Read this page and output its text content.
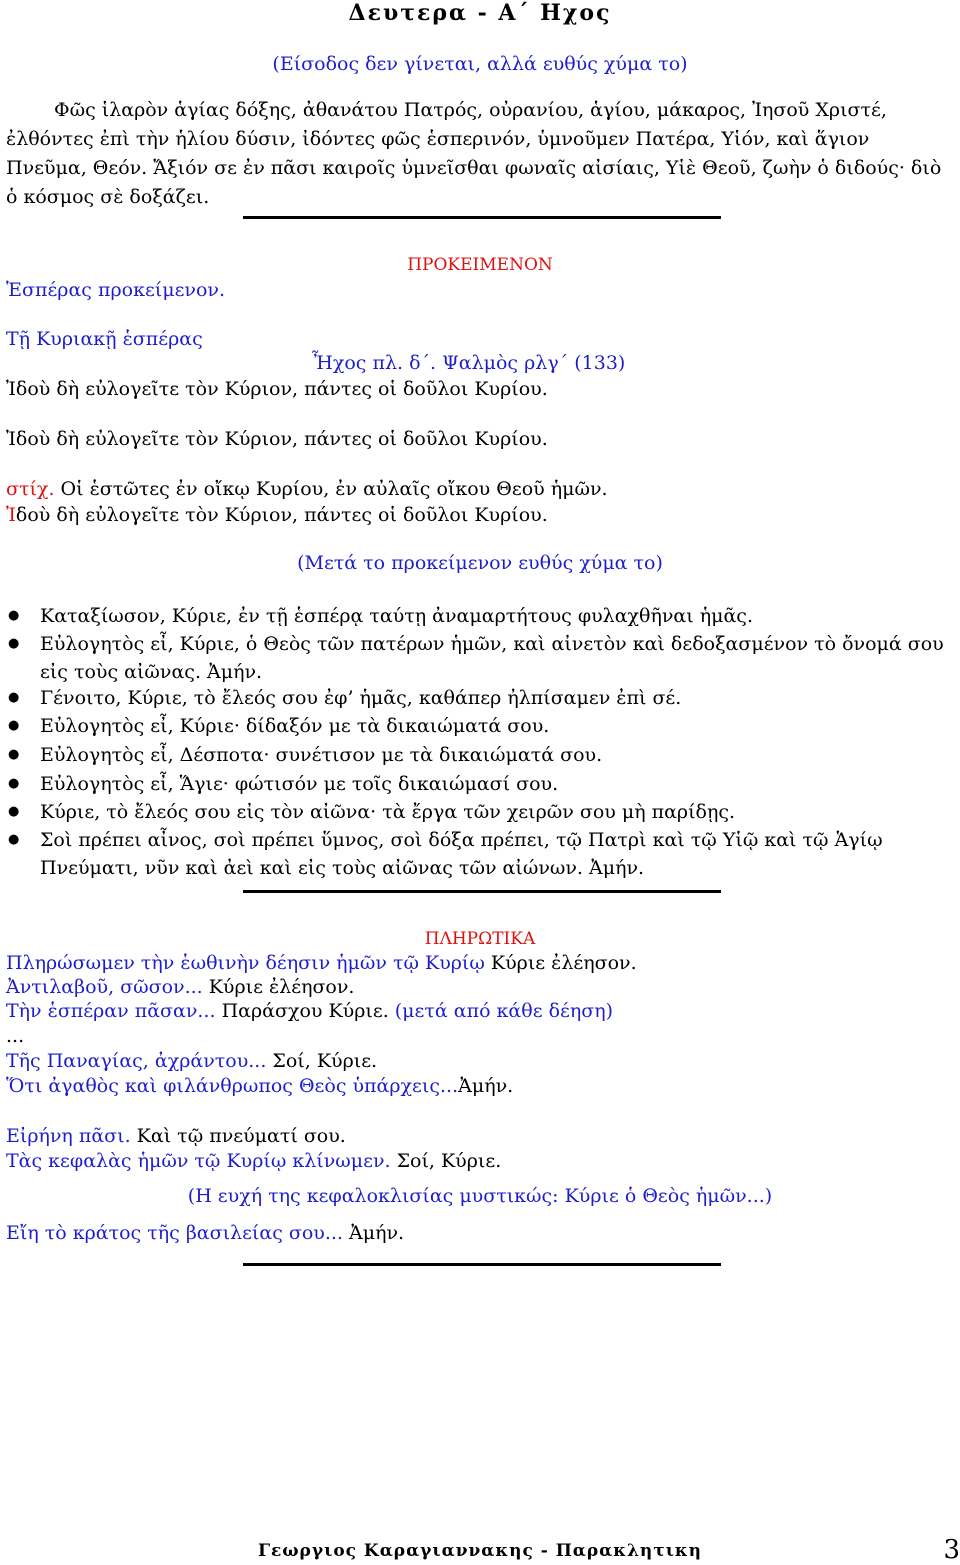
Δευτερα - Α΄ Ηχος
(Είσοδος δεν γίνεται, αλλά ευθύς χύμα το)
Φῶς ἱλαρὸν ἁγίας δόξης, ἀθανάτου Πατρός, οὐρανίου, ἁγίου, μάκαρος, Ἰησοῦ Χριστέ, ἐλθόντες ἐπὶ τὴν ἡλίου δύσιν, ἰδόντες φῶς ἑσπερινόν, ὑμνοῦμεν Πατέρα, Υἱόν, καὶ ἅγιον Πνεῦμα, Θεόν. Ἄξιόν σε ἐν πᾶσι καιροῖς ὑμνεῖσθαι φωναῖς αἰσίαις, Υἱὲ Θεοῦ, ζωὴν ὁ διδούς· διὸ ὁ κόσμος σὲ δοξάζει.
ΠΡΟΚΕΙΜΕΝΟΝ
Ἑσπέρας προκείμενον.
Τῇ Κυριακῇ ἑσπέρας
Ἦχος πλ. δ΄. Ψαλμὸς ρλγ΄ (133)
Ἰδοὺ δὴ εὐλογεῖτε τὸν Κύριον, πάντες οἱ δοῦλοι Κυρίου.
Ἰδοὺ δὴ εὐλογεῖτε τὸν Κύριον, πάντες οἱ δοῦλοι Κυρίου.
στίχ. Οἱ ἑστῶτες ἐν οἴκῳ Κυρίου, ἐν αὐλαῖς οἴκου Θεοῦ ἡμῶν.
Ἰδοὺ δὴ εὐλογεῖτε τὸν Κύριον, πάντες οἱ δοῦλοι Κυρίου.
(Μετά το προκείμενον ευθύς χύμα το)
● Καταξίωσον, Κύριε, ἐν τῇ ἑσπέρᾳ ταύτῃ ἀναμαρτήτους φυλαχθῆναι ἡμᾶς.
● Εὐλογητὸς εἶ, Κύριε, ὁ Θεὸς τῶν πατέρων ἡμῶν, καὶ αἰνετὸν καὶ δεδοξασμένον τὸ ὄνομά σου εἰς τοὺς αἰῶνας. Ἀμήν.
● Γένοιτο, Κύριε, τὸ ἔλεός σου ἐφ’ ἡμᾶς, καθάπερ ἠλπίσαμεν ἐπὶ σέ.
● Εὐλογητὸς εἶ, Κύριε· δίδαξόν με τὰ δικαιώματά σου.
● Εὐλογητὸς εἶ, Δέσποτα· συνέτισον με τὰ δικαιώματά σου.
● Εὐλογητὸς εἶ, Ἅγιε· φώτισόν με τοῖς δικαιώμασί σου.
● Κύριε, τὸ ἔλεός σου εἰς τὸν αἰῶνα· τὰ ἔργα τῶν χειρῶν σου μὴ παρίδῃς.
● Σοὶ πρέπει αἶνος, σοὶ πρέπει ὕμνος, σοὶ δόξα πρέπει, τῷ Πατρὶ καὶ τῷ Υἱῷ καὶ τῷ Ἁγίῳ Πνεύματι, νῦν καὶ ἀεὶ καὶ εἰς τοὺς αἰῶνας τῶν αἰώνων. Ἀμήν.
ΠΛΗΡΩΤΙΚΑ
Πληρώσωμεν τὴν ἑωθινὴν δέησιν ἡμῶν τῷ Κυρίῳ Κύριε ἐλέησον.
Ἀντιλαβοῦ, σῶσον... Κύριε ἐλέησον.
Τὴν ἑσπέραν πᾶσαν... Παράσχου Κύριε. (μετά από κάθε δέηση)
...
Τῆς Παναγίας, ἀχράντου... Σοί, Κύριε.
Ὅτι ἀγαθὸς καὶ φιλάνθρωπος Θεὸς ὑπάρχεις...Ἀμήν.
Εἰρήνη πᾶσι. Καὶ τῷ πνεύματί σου.
Τὰς κεφαλὰς ἡμῶν τῷ Κυρίῳ κλίνωμεν. Σοί, Κύριε.
(Η ευχή της κεφαλοκλισίας μυστικώς: Κύριε ὁ Θεὸς ἡμῶν...)
Εἴη τὸ κράτος τῆς βασιλείας σου... Ἀμήν.
Γεωργιος Καραγιαννακης - Παρακλητικη	3
